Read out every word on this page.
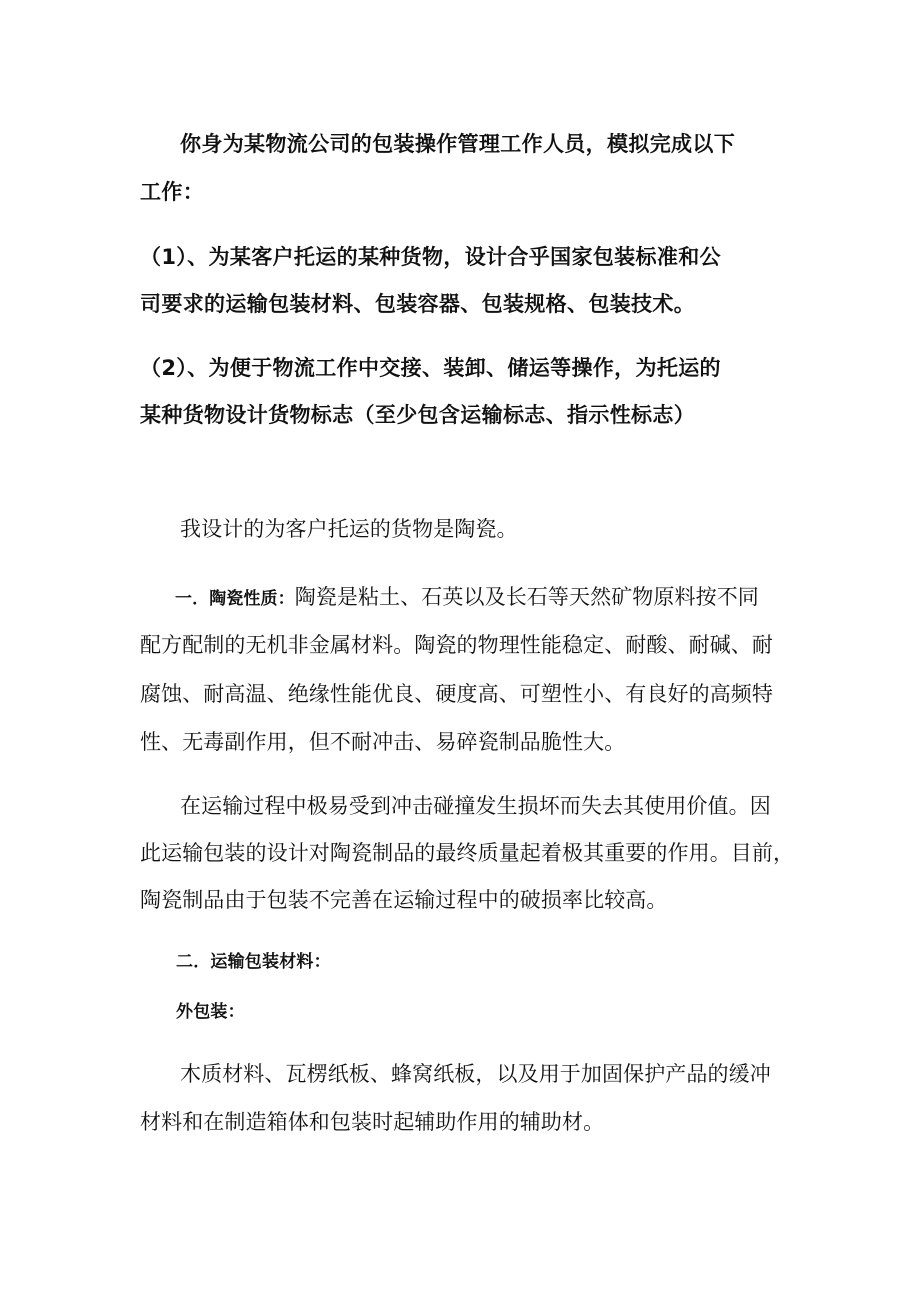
你身为某物流公司的包装操作管理工作人员，模拟完成以下
工作：
（1）、为某客户托运的某种货物，设计合乎国家包装标准和公
司要求的运输包装材料、包装容器、包装规格、包装技术。
（2）、为便于物流工作中交接、装卸、储运等操作，为托运的
某种货物设计货物标志（至少包含运输标志、指示性标志）
我设计的为客户托运的货物是陶瓷。
一．陶瓷性质：陶瓷是粘土、石英以及长石等天然矿物原料按不同
配方配制的无机非金属材料。陶瓷的物理性能稳定、耐酸、耐碱、耐
腐蚀、耐高温、绝缘性能优良、硬度高、可塑性小、有良好的高频特
性、无毒副作用，但不耐冲击、易碎瓷制品脆性大。
在运输过程中极易受到冲击碰撞发生损坏而失去其使用价值。因
此运输包装的设计对陶瓷制品的最终质量起着极其重要的作用。目前，
陶瓷制品由于包装不完善在运输过程中的破损率比较高。
二．运输包装材料：
外包装：
木质材料、瓦楞纸板、蜂窝纸板，以及用于加固保护产品的缓冲
材料和在制造箱体和包装时起辅助作用的辅助材。
